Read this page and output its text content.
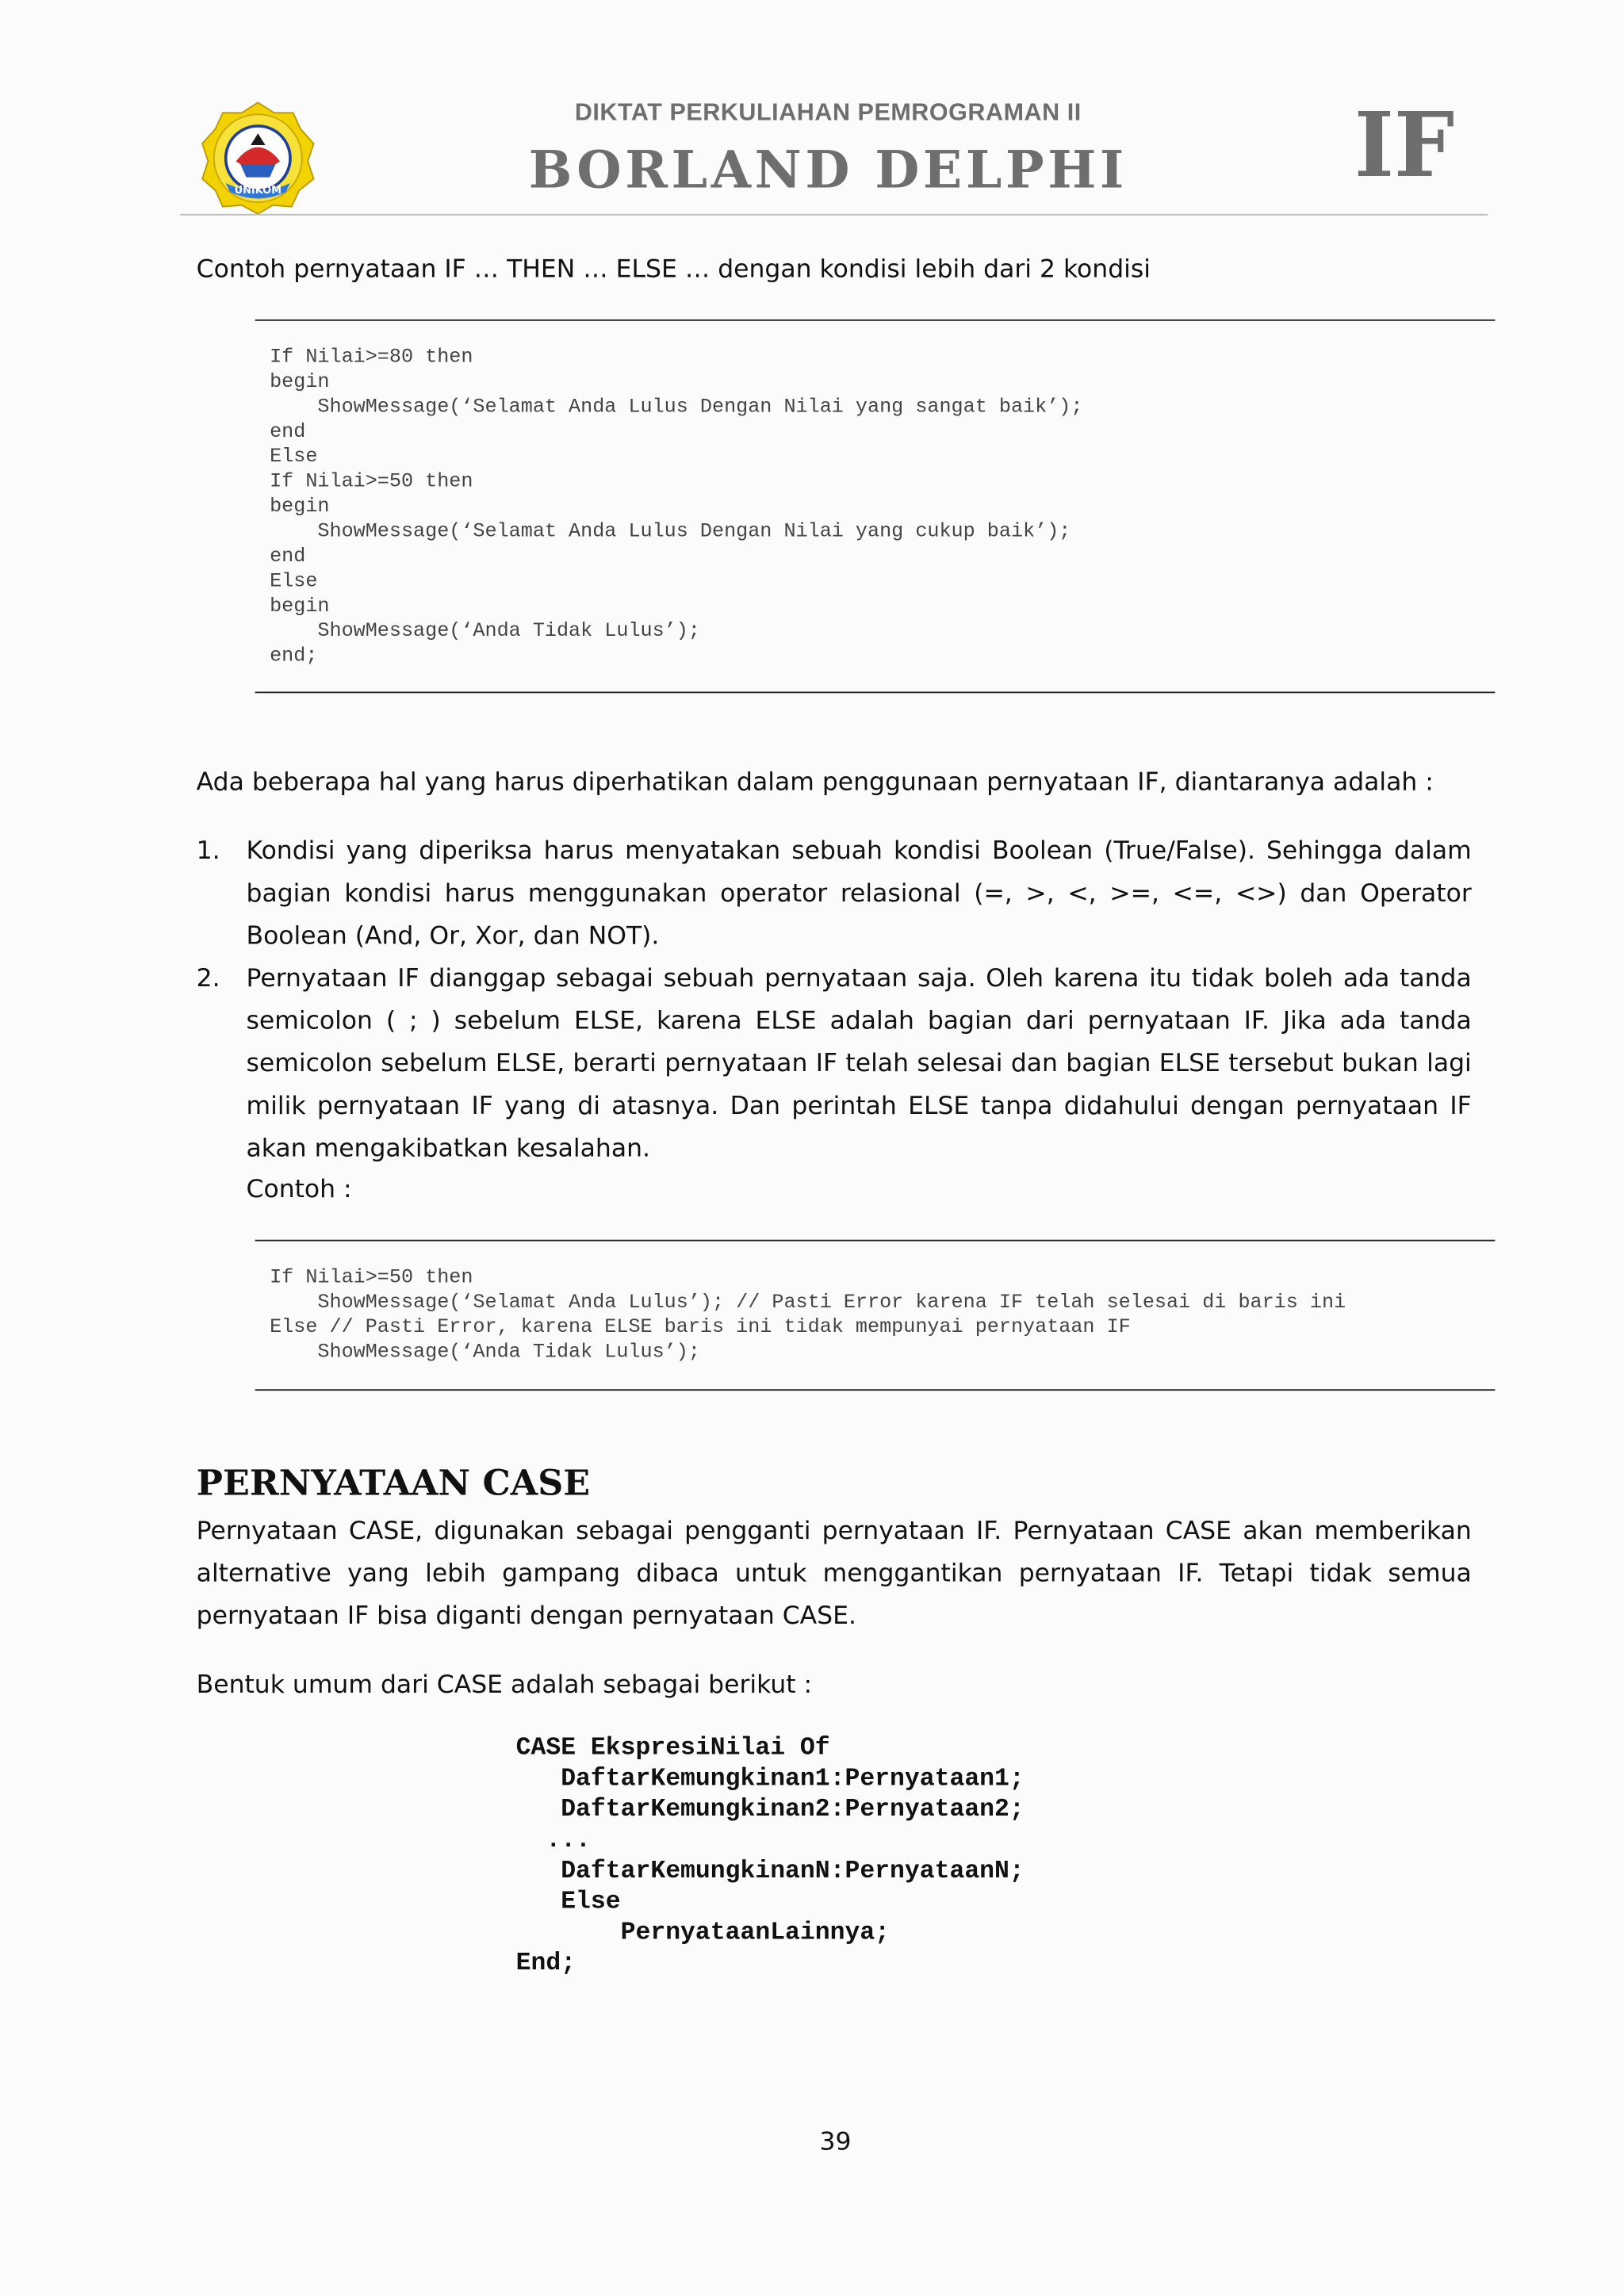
UNIKOM
DIKTAT PERKULIAHAN PEMROGRAMAN II
BORLAND DELPHI	IF
Contoh pernyataan IF … THEN … ELSE … dengan kondisi lebih dari 2 kondisi
If Nilai>=80 then
begin
ShowMessage(‘Selamat Anda Lulus Dengan Nilai yang sangat baik’);
end
Else
If Nilai>=50 then
begin
ShowMessage(‘Selamat Anda Lulus Dengan Nilai yang cukup baik’);
end
Else
begin
ShowMessage(‘Anda Tidak Lulus’);
end;
Ada beberapa hal yang harus diperhatikan dalam penggunaan pernyataan IF, diantaranya adalah :
1. Kondisi yang diperiksa harus menyatakan sebuah kondisi Boolean (True/False). Sehingga dalam bagian kondisi harus menggunakan operator relasional (=, >, <, >=, <=, <>) dan Operator Boolean (And, Or, Xor, dan NOT).
2. Pernyataan IF dianggap sebagai sebuah pernyataan saja. Oleh karena itu tidak boleh ada tanda semicolon ( ; ) sebelum ELSE, karena ELSE adalah bagian dari pernyataan IF. Jika ada tanda semicolon sebelum ELSE, berarti pernyataan IF telah selesai dan bagian ELSE tersebut bukan lagi milik pernyataan IF yang di atasnya. Dan perintah ELSE tanpa didahului dengan pernyataan IF akan mengakibatkan kesalahan.
Contoh :
If Nilai>=50 then
ShowMessage(‘Selamat Anda Lulus’); // Pasti Error karena IF telah selesai di baris ini
Else // Pasti Error, karena ELSE baris ini tidak mempunyai pernyataan IF
ShowMessage(‘Anda Tidak Lulus’);
PERNYATAAN CASE
Pernyataan CASE, digunakan sebagai pengganti pernyataan IF. Pernyataan CASE akan memberikan alternative yang lebih gampang dibaca untuk menggantikan pernyataan IF. Tetapi tidak semua pernyataan IF bisa diganti dengan pernyataan CASE.
Bentuk umum dari CASE adalah sebagai berikut :
CASE EkspresiNilai Of
DaftarKemungkinan1:Pernyataan1;
DaftarKemungkinan2:Pernyataan2;
...
DaftarKemungkinanN:PernyataanN;
Else
PernyataanLainnya;
End;
39
